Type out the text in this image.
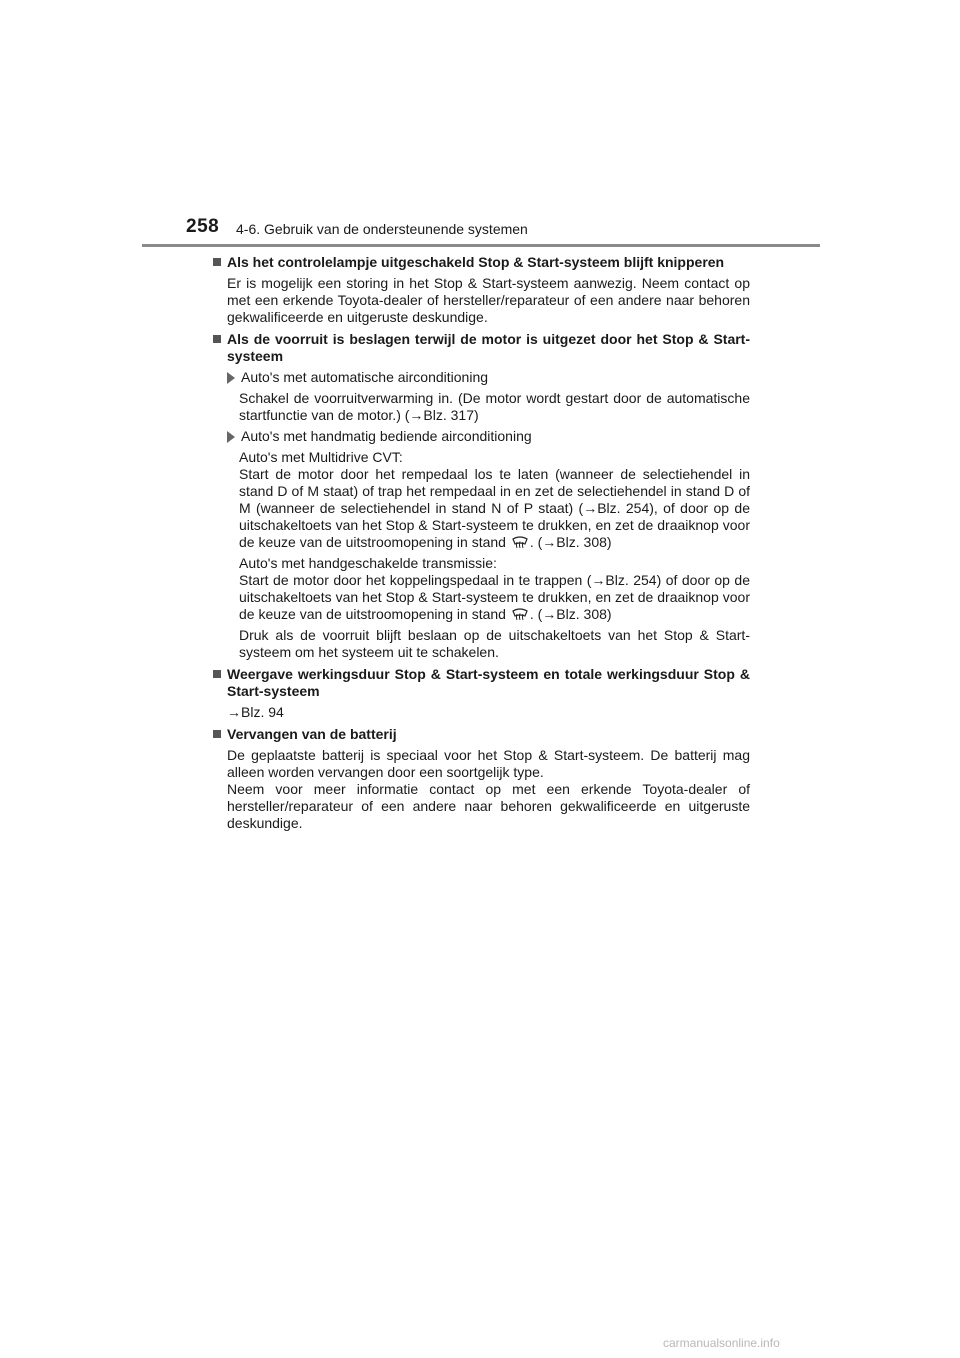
258 4-6. Gebruik van de ondersteunende systemen
Als het controlelampje uitgeschakeld Stop & Start-systeem blijft knipperen
Er is mogelijk een storing in het Stop & Start-systeem aanwezig. Neem contact op met een erkende Toyota-dealer of hersteller/reparateur of een andere naar behoren gekwalificeerde en uitgeruste deskundige.
Als de voorruit is beslagen terwijl de motor is uitgezet door het Stop & Start-systeem
Auto's met automatische airconditioning
Schakel de voorruitverwarming in. (De motor wordt gestart door de automatische startfunctie van de motor.) (→Blz. 317)
Auto's met handmatig bediende airconditioning
Auto's met Multidrive CVT:
Start de motor door het rempedaal los te laten (wanneer de selectiehendel in stand D of M staat) of trap het rempedaal in en zet de selectiehendel in stand D of M (wanneer de selectiehendel in stand N of P staat) (→Blz. 254), of door op de uitschakeltoets van het Stop & Start-systeem te drukken, en zet de draaiknop voor de keuze van de uitstroomopening in stand . (→Blz. 308)
Auto's met handgeschakelde transmissie:
Start de motor door het koppelingspedaal in te trappen (→Blz. 254) of door op de uitschakeltoets van het Stop & Start-systeem te drukken, en zet de draaiknop voor de keuze van de uitstroomopening in stand . (→Blz. 308)
Druk als de voorruit blijft beslaan op de uitschakeltoets van het Stop & Start-systeem om het systeem uit te schakelen.
Weergave werkingsduur Stop & Start-systeem en totale werkingsduur Stop & Start-systeem
→Blz. 94
Vervangen van de batterij
De geplaatste batterij is speciaal voor het Stop & Start-systeem. De batterij mag alleen worden vervangen door een soortgelijk type.
Neem voor meer informatie contact op met een erkende Toyota-dealer of hersteller/reparateur of een andere naar behoren gekwalificeerde en uitgeruste deskundige.
carmanualsonline.info
